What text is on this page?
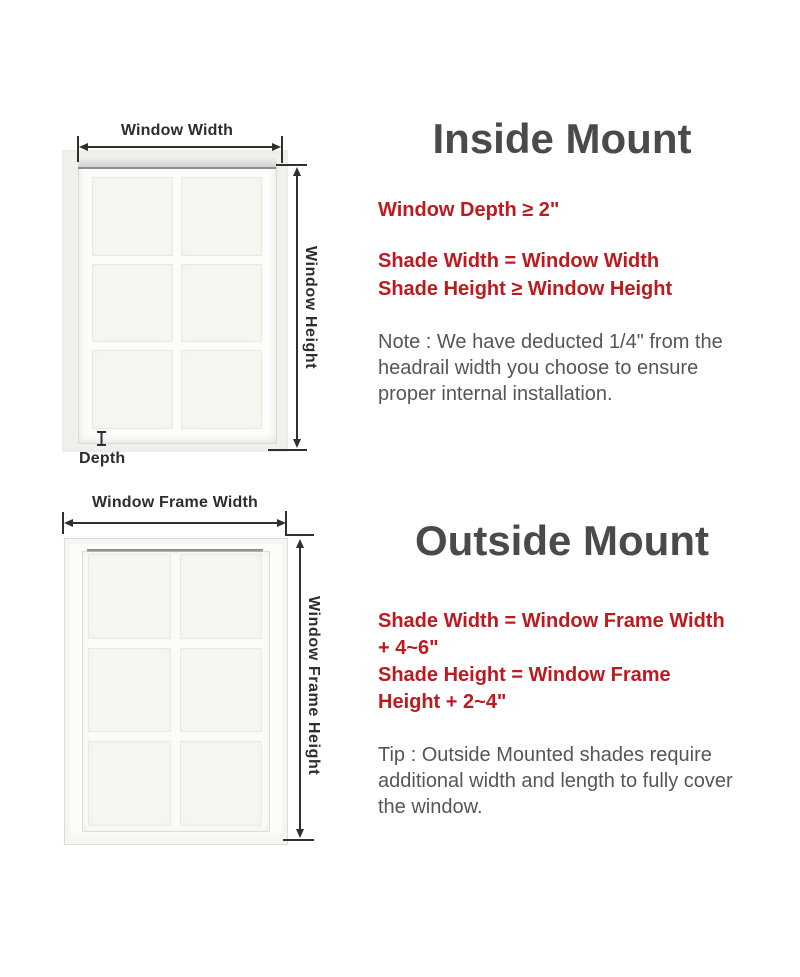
Window Width
Window Height
Depth
Inside Mount
Window Depth ≥ 2"
Shade Width = Window Width
Shade Height ≥ Window Height
Note : We have deducted 1/4" from the headrail width you choose to ensure proper internal installation.
Window Frame Width
Window Frame Height
Outside Mount
Shade Width = Window Frame Width
+ 4~6"
Shade Height = Window Frame
Height + 2~4"
Tip : Outside Mounted shades require additional width and length to fully cover the window.
